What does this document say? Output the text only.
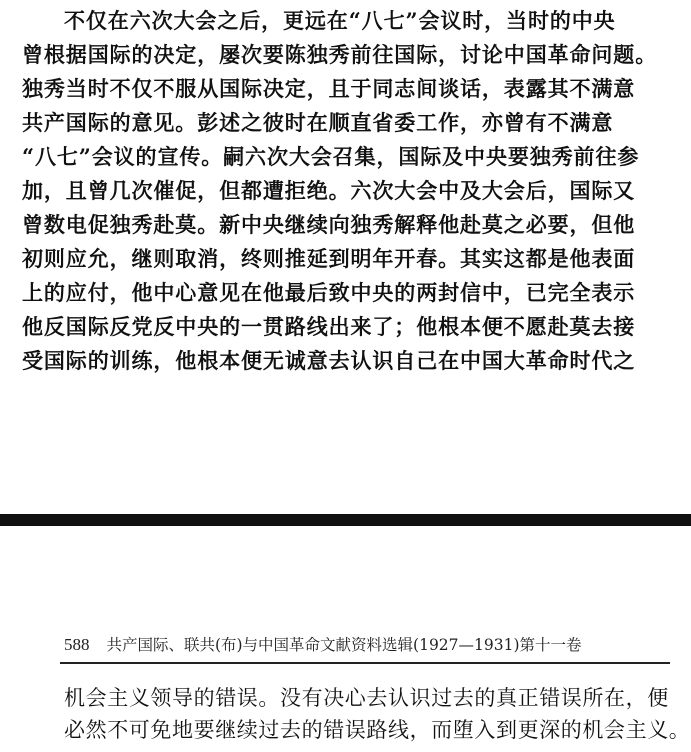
不仅在六次大会之后，更远在“八七”会议时，当时的中央
曾根据国际的决定，屡次要陈独秀前往国际，讨论中国革命问题。
独秀当时不仅不服从国际决定，且于同志间谈话，表露其不满意
共产国际的意见。彭述之彼时在顺直省委工作，亦曾有不满意
“八七”会议的宣传。嗣六次大会召集，国际及中央要独秀前往参
加，且曾几次催促，但都遭拒绝。六次大会中及大会后，国际又
曾数电促独秀赴莫。新中央继续向独秀解释他赴莫之必要，但他
初则应允，继则取消，终则推延到明年开春。其实这都是他表面
上的应付，他中心意见在他最后致中央的两封信中，已完全表示
他反国际反党反中央的一贯路线出来了；他根本便不愿赴莫去接
受国际的训练，他根本便无诚意去认识自己在中国大革命时代之
588 共产国际、联共(布)与中国革命文献资料选辑(1927—1931)第十一卷
机会主义领导的错误。没有决心去认识过去的真正错误所在，便
必然不可免地要继续过去的错误路线，而堕入到更深的机会主义。
